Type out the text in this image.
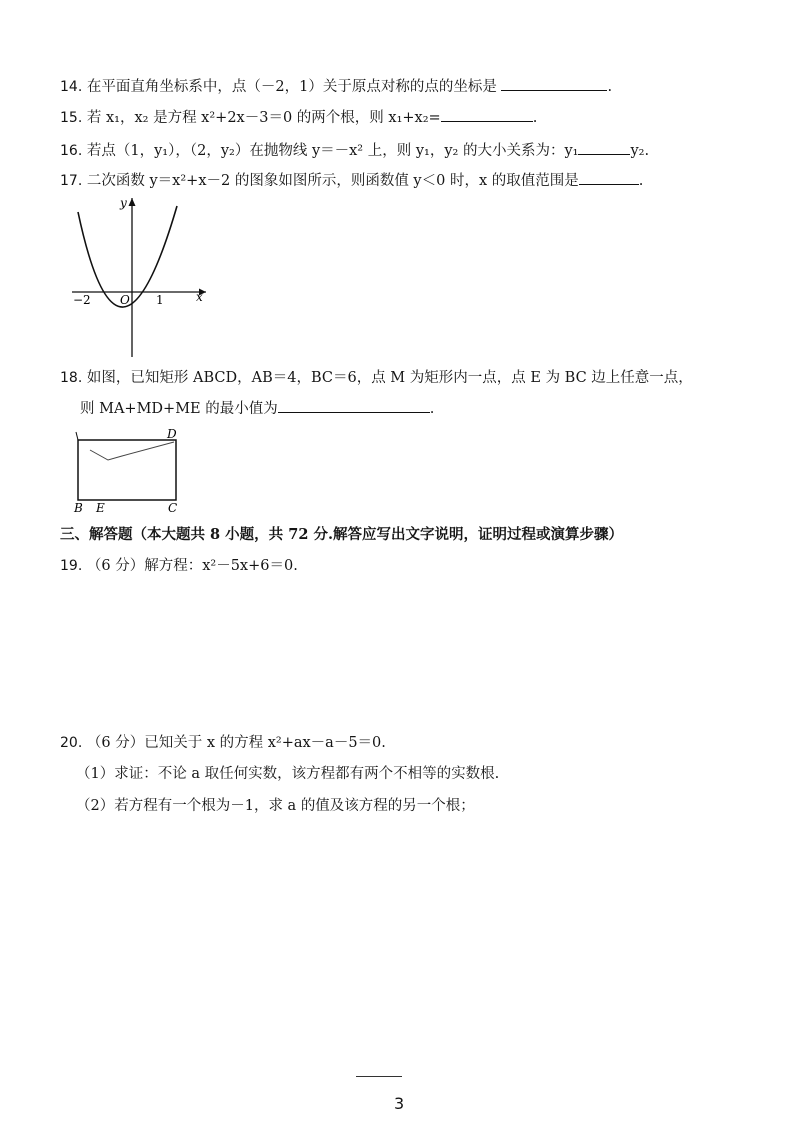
14. 在平面直角坐标系中，点（－2，1）关于原点对称的点的坐标是	.
15. 若 x₁，x₂ 是方程 x²+2x－3＝0 的两个根，则 x₁+x₂=	.
16. 若点（1，y₁），（2，y₂）在抛物线 y＝－x² 上，则 y₁，y₂ 的大小关系为：y₁	y₂.
17. 二次函数 y＝x²+x－2 的图象如图所示，则函数值 y＜0 时，x 的取值范围是	.
y
x
O
−2	1
18. 如图，已知矩形 ABCD，AB＝4，BC＝6，点 M 为矩形内一点，点 E 为 BC 边上任意一点，
则 MA+MD+ME 的最小值为	.
B E	C
D
三、解答题（本大题共 8 小题，共 72 分.解答应写出文字说明，证明过程或演算步骤）
19. （6 分）解方程：x²－5x+6＝0.
20. （6 分）已知关于 x 的方程 x²+ax－a－5＝0.
（1）求证：不论 a 取任何实数，该方程都有两个不相等的实数根.
（2）若方程有一个根为－1，求 a 的值及该方程的另一个根；
3
